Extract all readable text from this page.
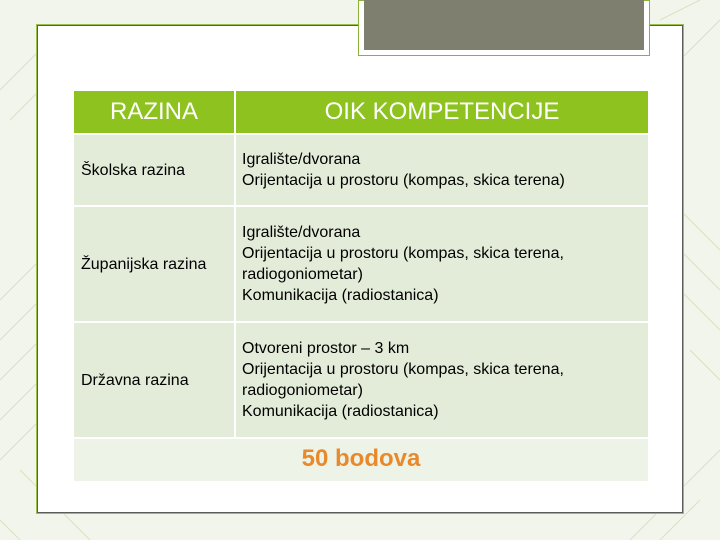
RAZINA	OIK KOMPETENCIJE
Školska razina	Igralište/dvorana
Orijentacija u prostoru (kompas, skica terena)

Županijska razina	Igralište/dvorana
Orijentacija u prostoru (kompas, skica terena,
radiogoniometar)
Komunikacija (radiostanica)

Državna razina	Otvoreni prostor – 3 km
Orijentacija u prostoru (kompas, skica terena,
radiogoniometar)
Komunikacija (radiostanica)

50 bodova	
